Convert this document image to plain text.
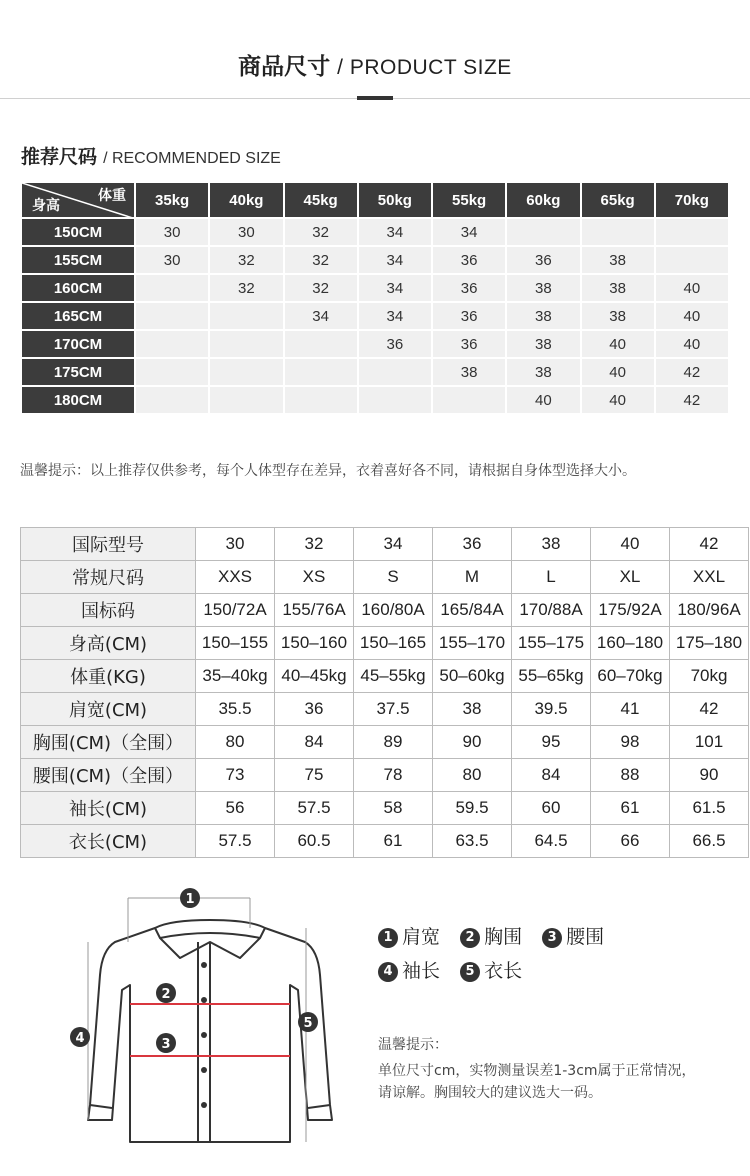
商品尺寸 / PRODUCT SIZE
推荐尺码 / RECOMMENDED SIZE
体重
身高	35kg	40kg	45kg	50kg	55kg	60kg	65kg	70kg
150CM	30	30	32	34	34			
155CM	30	32	32	34	36	36	38	
160CM		32	32	34	36	38	38	40
165CM			34	34	36	38	38	40
170CM				36	36	38	40	40
175CM					38	38	40	42
180CM						40	40	42
温馨提示：以上推荐仅供参考，每个人体型存在差异，衣着喜好各不同，请根据自身体型选择大小。
国际型号	30	32	34	36	38	40	42
常规尺码	XXS	XS	S	M	L	XL	XXL
国标码	150/72A	155/76A	160/80A	165/84A	170/88A	175/92A	180/96A
身高(CM)	150–155	150–160	150–165	155–170	155–175	160–180	175–180
体重(KG)	35–40kg	40–45kg	45–55kg	50–60kg	55–65kg	60–70kg	70kg
肩宽(CM)	35.5	36	37.5	38	39.5	41	42
胸围(CM)（全围）	80	84	89	90	95	98	101
腰围(CM)（全围）	73	75	78	80	84	88	90
袖长(CM)	56	57.5	58	59.5	60	61	61.5
衣长(CM)	57.5	60.5	61	63.5	64.5	66	66.5
1
2
3
4
5
1 肩宽 2 胸围 3 腰围
4 袖长 5 衣长
温馨提示：
单位尺寸cm，实物测量误差1-3cm属于正常情况，请谅解。胸围较大的建议选大一码。
